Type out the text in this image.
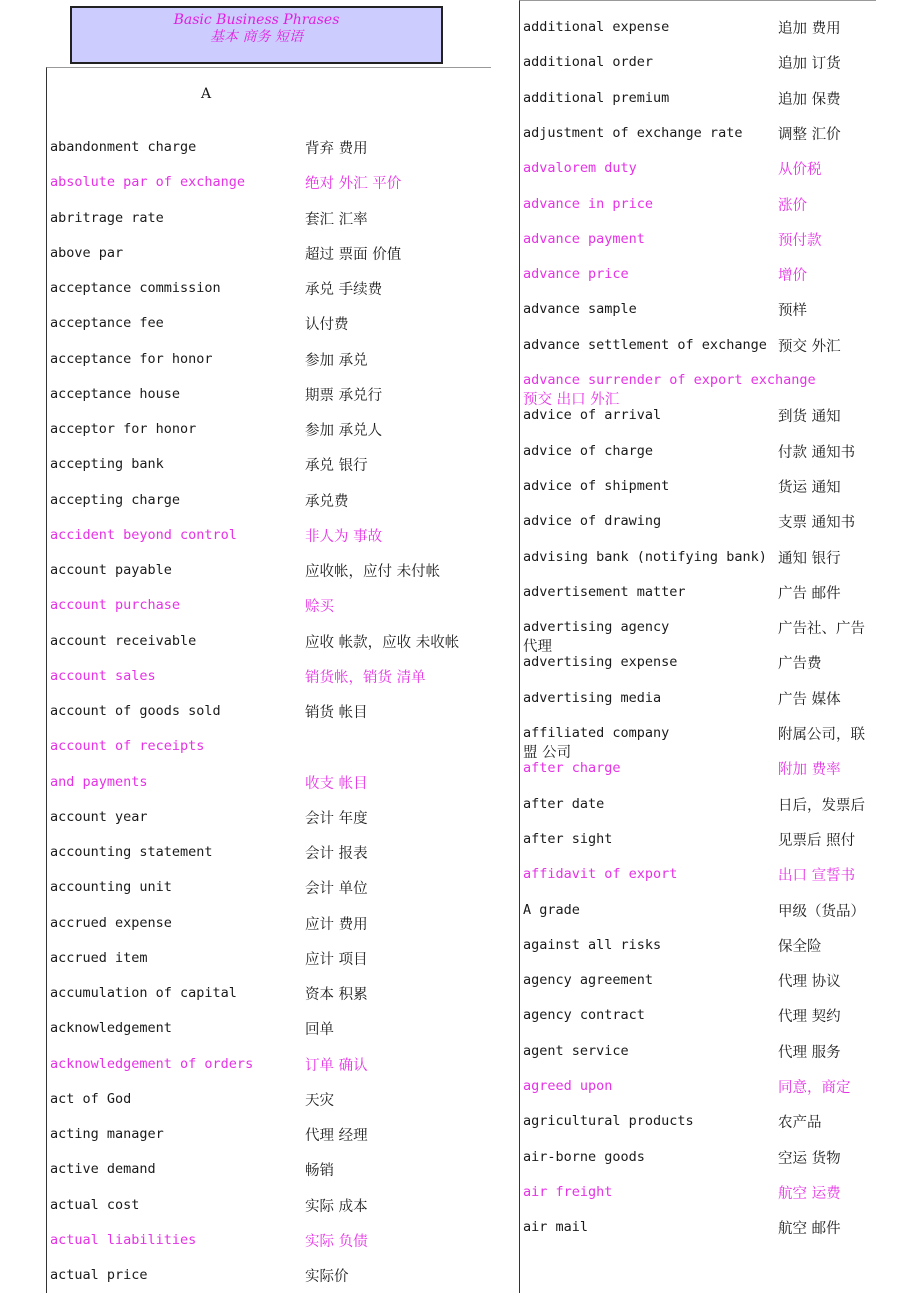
Basic Business Phrases
基本 商务 短语
A
abandonment charge	背弃 费用
absolute par of exchange	绝对 外汇 平价
abritrage rate	套汇 汇率
above par	超过 票面 价值
acceptance commission	承兑 手续费
acceptance fee	认付费
acceptance for honor	参加 承兑
acceptance house	期票 承兑行
acceptor for honor	参加 承兑人
accepting bank	承兑 银行
accepting charge	承兑费
accident beyond control	非人为 事故
account payable	应收帐，应付 未付帐
account purchase	赊买
account receivable	应收 帐款，应收 未收帐
account sales	销货帐，销货 清单
account of goods sold	销货 帐目
account of receipts
and payments	收支 帐目
account year	会计 年度
accounting statement	会计 报表
accounting unit	会计 单位
accrued expense	应计 费用
accrued item	应计 项目
accumulation of capital	资本 积累
acknowledgement	回单
acknowledgement of orders	订单 确认
act of God	天灾
acting manager	代理 经理
active demand	畅销
actual cost	实际 成本
actual liabilities	实际 负债
actual price	实际价
additional expense	追加 费用
additional order	追加 订货
additional premium	追加 保费
adjustment of exchange rate 调整 汇价
advalorem duty	从价税
advance in price	涨价
advance payment	预付款
advance price	增价
advance sample	预样
advance settlement of exchange 预交 外汇
advance surrender of export exchange
预交 出口 外汇
advice of arrival	到货 通知
advice of charge	付款 通知书
advice of shipment	货运 通知
advice of drawing	支票 通知书
advising bank (notifying bank) 通知 银行
advertisement matter	广告 邮件
advertising agency	广告社、广告
代理
advertising expense	广告费
advertising media	广告 媒体
affiliated company	附属公司，联
盟 公司
after charge	附加 费率
after date	日后，发票后
after sight	见票后 照付
affidavit of export	出口 宣誓书
A grade	甲级（货品）
against all risks	保全险
agency agreement	代理 协议
agency contract	代理 契约
agent service	代理 服务
agreed upon	同意，商定
agricultural products	农产品
air-borne goods	空运 货物
air freight	航空 运费
air mail	航空 邮件
